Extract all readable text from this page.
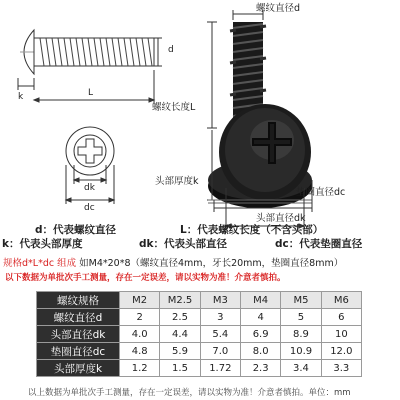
d
k	L
dk
dc
螺纹直径d
螺纹长度L
头部厚度k
垫圈直径dc
头部直径dk
d：代表螺纹直径	L：代表螺纹长度（不含头部）
k：代表头部厚度	dk：代表头部直径	dc：代表垫圈直径
规格d*L*dc 组成 如M4*20*8（螺纹直径4mm，牙长20mm，垫圈直径8mm）
以下数据为单批次手工测量，存在一定误差，请以实物为准！介意者慎拍。
螺纹规格	M2	M2.5	M3	M4	M5	M6
螺纹直径d	2	2.5	3	4	5	6
头部直径dk	4.0	4.4	5.4	6.9	8.9	10
垫圈直径dc	4.8	5.9	7.0	8.0	10.9	12.0
头部厚度k	1.2	1.5	1.72	2.3	3.4	3.3
以上数据为单批次手工测量，存在一定误差，请以实物为准！介意者慎拍。单位：mm
